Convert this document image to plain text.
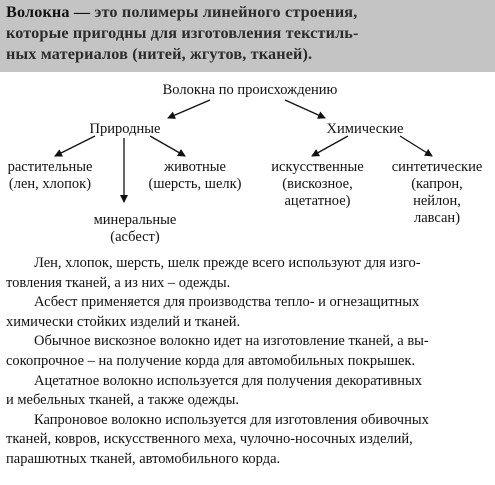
Волокна — это полимеры линейного строения,
которые пригодны для изготовления текстиль-
ных материалов (нитей, жгутов, тканей).
Волокна по происхождению
Природные	Химические
растительные
(лен, хлопок)
животные
(шерсть, шелк)
минеральные
(асбест)
искусственные
(вискозное,
ацетатное)
синтетические
(капрон,
нейлон,
лавсан)

Лен, хлопок, шерсть, шелк прежде всего используют для изго-
товления тканей, а из них – одежды.

Асбест применяется для производства тепло- и огнезащитных
химически стойких изделий и тканей.

Обычное вискозное волокно идет на изготовление тканей, а вы-
сокопрочное – на получение корда для автомобильных покрышек.

Ацетатное волокно используется для получения декоративных
и мебельных тканей, а также одежды.

Капроновое волокно используется для изготовления обивочных
тканей, ковров, искусственного меха, чулочно-носочных изделий,
парашютных тканей, автомобильного корда.
